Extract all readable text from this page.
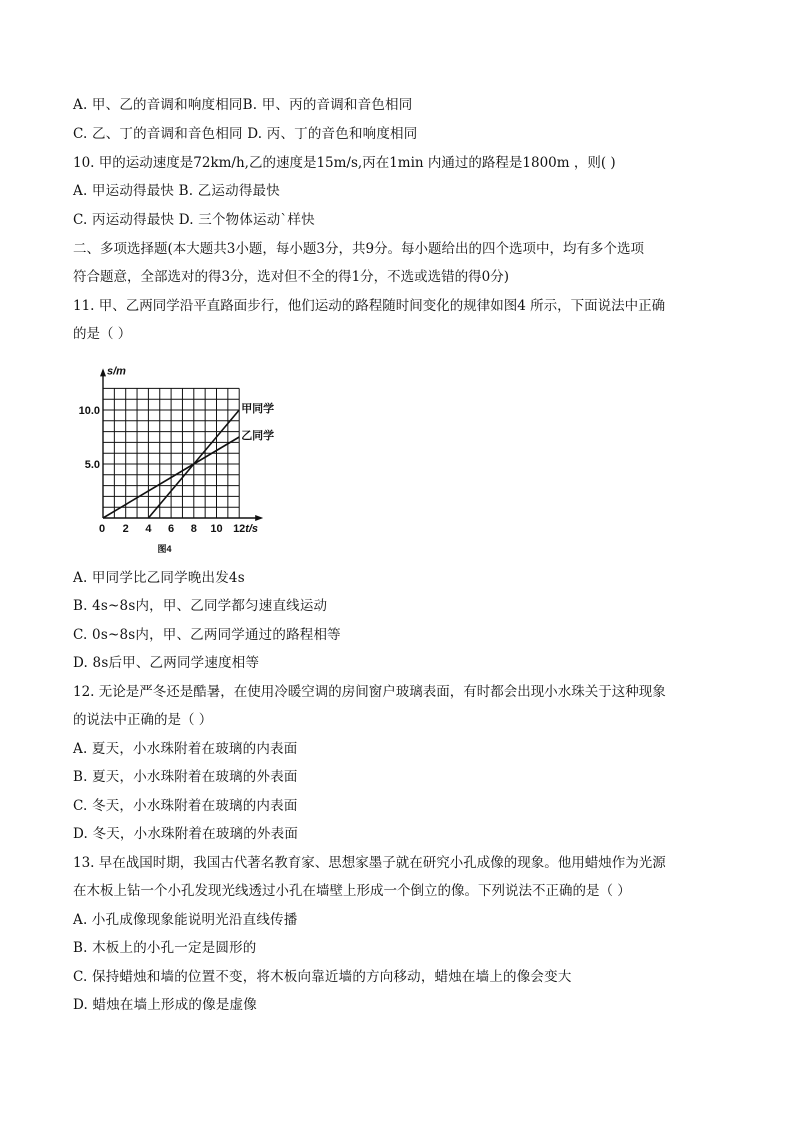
A. 甲、乙的音调和响度相同B. 甲、丙的音调和音色相同
C. 乙、丁的音调和音色相同 D. 丙、丁的音色和响度相同
10. 甲的运动速度是72km/h,乙的速度是15m/s,丙在1min 内通过的路程是1800m ，则( )
A. 甲运动得最快 B. 乙运动得最快
C. 丙运动得最快 D. 三个物体运动`样快
二、多项选择题(本大题共3小题，每小题3分，共9分。每小题给出的四个选项中，均有多个选项
符合题意，全部选对的得3分，选对但不全的得1分，不选或选错的得0分)
11. 甲、乙两同学沿平直路面步行，他们运动的路程随时间变化的规律如图4 所示，下面说法中正确
的是（ ）
s/m
t/s
0
5.0
10.0
2 4 6 8 10 12
甲同学
乙同学
图4
A. 甲同学比乙同学晚出发4s
B. 4s~8s内，甲、乙同学都匀速直线运动
C. 0s~8s内，甲、乙两同学通过的路程相等
D. 8s后甲、乙两同学速度相等
12. 无论是严冬还是酷暑，在使用冷暖空调的房间窗户玻璃表面，有时都会出现小水珠关于这种现象
的说法中正确的是（ ）
A. 夏天，小水珠附着在玻璃的内表面
B. 夏天，小水珠附着在玻璃的外表面
C. 冬天，小水珠附着在玻璃的内表面
D. 冬天，小水珠附着在玻璃的外表面
13. 早在战国时期，我国古代著名教育家、思想家墨子就在研究小孔成像的现象。他用蜡烛作为光源
在木板上钻一个小孔发现光线透过小孔在墙壁上形成一个倒立的像。下列说法不正确的是（ ）
A. 小孔成像现象能说明光沿直线传播
B. 木板上的小孔一定是圆形的
C. 保持蜡烛和墙的位置不变，将木板向靠近墙的方向移动，蜡烛在墙上的像会变大
D. 蜡烛在墙上形成的像是虚像
